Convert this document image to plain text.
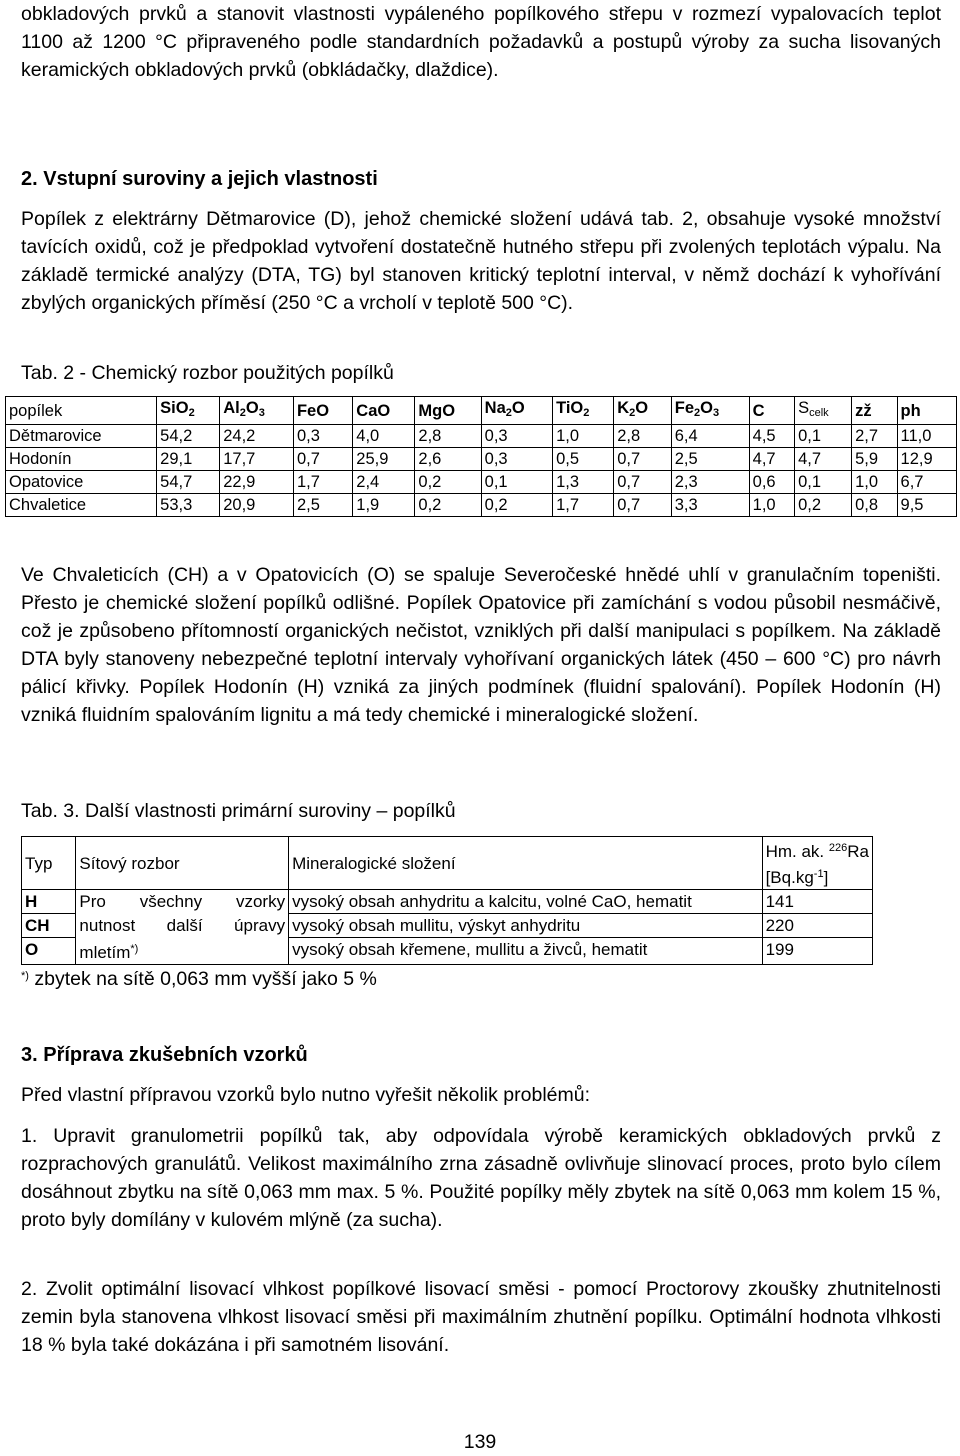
obkladových prvků a stanovit vlastnosti vypáleného popílkového střepu v rozmezí vypalovacích teplot 1100 až 1200 °C připraveného podle standardních požadavků a postupů výroby za sucha lisovaných keramických obkladových prvků (obkládačky, dlaždice).

2. Vstupní suroviny a jejich vlastnosti

Popílek z elektrárny Dětmarovice (D), jehož chemické složení udává tab. 2, obsahuje vysoké množství tavících oxidů, což je předpoklad vytvoření dostatečně hutného střepu při zvolených teplotách výpalu. Na základě termické analýzy (DTA, TG) byl stanoven kritický teplotní interval, v němž dochází k vyhořívání zbylých organických příměsí (250 °C a vrcholí v teplotě 500 °C).

Tab. 2 - Chemický rozbor použitých popílků

popílek	SiO$_2$	$Al_2O_3$	FeO	CaO	MgO	$Na_2O$	TiO$_2$	$K_2O$	$Fe_2O_3$	C	$S_{celk}$	zž	ph
Dětmarovice	54,2	24,2	0,3	4,0	2,8	0,3	1,0	2,8	6,4	4,5	0,1	2,7	11,0
Hodonín	29,1	17,7	0,7	25,9	2,6	0,3	0,5	0,7	2,5	4,7	4,7	5,9	12,9
Opatovice	54,7	22,9	1,7	2,4	0,2	0,1	1,3	0,7	2,3	0,6	0,1	1,0	6,7
Chvaletice	53,3	20,9	2,5	1,9	0,2	0,2	1,7	0,7	3,3	1,0	0,2	0,8	9,5

Ve Chvaleticích (CH) a v Opatovicích (O) se spaluje Severočeské hnědé uhlí v granulačním topeništi. Přesto je chemické složení popílků odlišné. Popílek Opatovice při zamíchání s vodou působil nesmáčivě, což je způsobeno přítomností organických nečistot, vzniklých při další manipulaci s popílkem. Na základě DTA byly stanoveny nebezpečné teplotní intervaly vyhořívaní organických látek (450 – 600 °C) pro návrh pálicí křivky. Popílek Hodonín (H) vzniká za jiných podmínek (fluidní spalování). Popílek Hodonín (H) vzniká fluidním spalováním lignitu a má tedy chemické i mineralogické složení.

Tab. 3. Další vlastnosti primární suroviny – popílků

Typ	Sítový rozbor	Mineralogické složení	Hm. ak. $^{226}$Ra
$[Bq.kg^{-1}]$
H	Pro všechny vzorky	vysoký obsah anhydritu a kalcitu, volné CaO, hematit	141
CH	nutnost další úpravy	vysoký obsah mullitu, výskyt anhydritu	220
O	mletím*)	vysoký obsah křemene, mullitu a živců, hematit	199
*) zbytek na sítě 0,063 mm vyšší jako 5 %

3. Příprava zkušebních vzorků

Před vlastní přípravou vzorků bylo nutno vyřešit několik problémů:

1. Upravit granulometrii popílků tak, aby odpovídala výrobě keramických obkladových prvků z rozprachových granulátů. Velikost maximálního zrna zásadně ovlivňuje slinovací proces, proto bylo cílem dosáhnout zbytku na sítě 0,063 mm max. 5 %. Použité popílky měly zbytek na sítě 0,063 mm kolem 15 %, proto byly domílány v kulovém mlýně (za sucha).

2. Zvolit optimální lisovací vlhkost popílkové lisovací směsi - pomocí Proctorovy zkoušky zhutnitelnosti zemin byla stanovena vlhkost lisovací směsi při maximálním zhutnění popílku. Optimální hodnota vlhkosti 18 % byla také dokázána i při samotném lisování.

139
